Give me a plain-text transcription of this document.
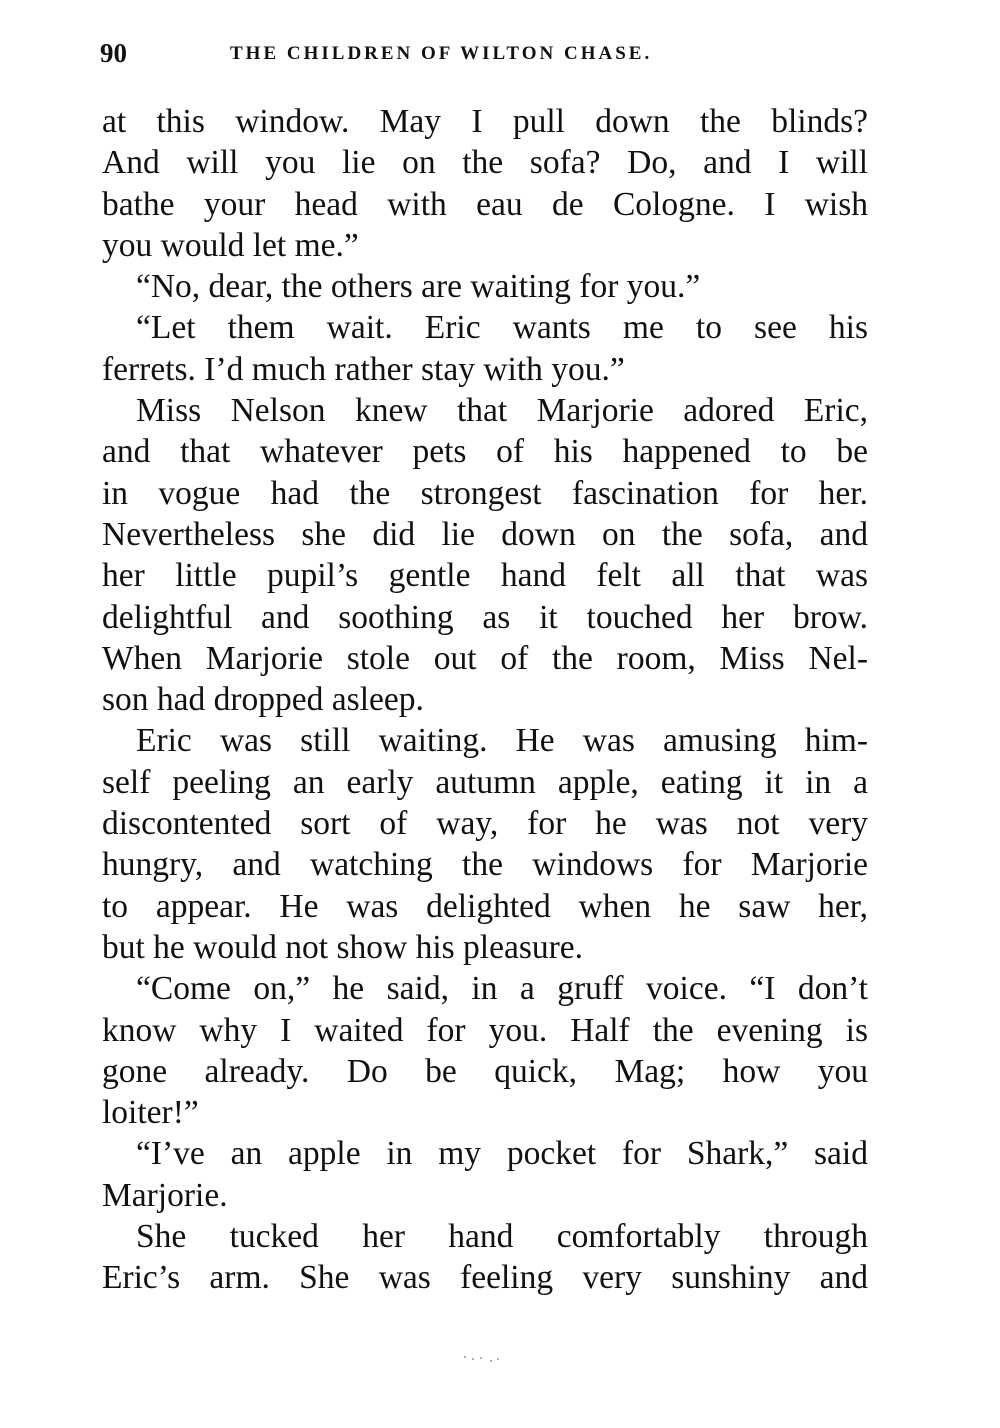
90	THE CHILDREN OF WILTON CHASE.
at this window. May I pull down the blinds?
And will you lie on the sofa? Do, and I will
bathe your head with eau de Cologne. I wish
you would let me.”
“No, dear, the others are waiting for you.”
“Let them wait. Eric wants me to see his
ferrets. I’d much rather stay with you.”
Miss Nelson knew that Marjorie adored Eric,
and that whatever pets of his happened to be
in vogue had the strongest fascination for her.
Nevertheless she did lie down on the sofa, and
her little pupil’s gentle hand felt all that was
delightful and soothing as it touched her brow.
When Marjorie stole out of the room, Miss Nel-
son had dropped asleep.
Eric was still waiting. He was amusing him-
self peeling an early autumn apple, eating it in a
discontented sort of way, for he was not very
hungry, and watching the windows for Marjorie
to appear. He was delighted when he saw her,
but he would not show his pleasure.
“Come on,” he said, in a gruff voice. “I don’t
know why I waited for you. Half the evening is
gone already. Do be quick, Mag; how you
loiter!”
“I’ve an apple in my pocket for Shark,” said
Marjorie.
She tucked her hand comfortably through
Eric’s arm. She was feeling very sunshiny and
